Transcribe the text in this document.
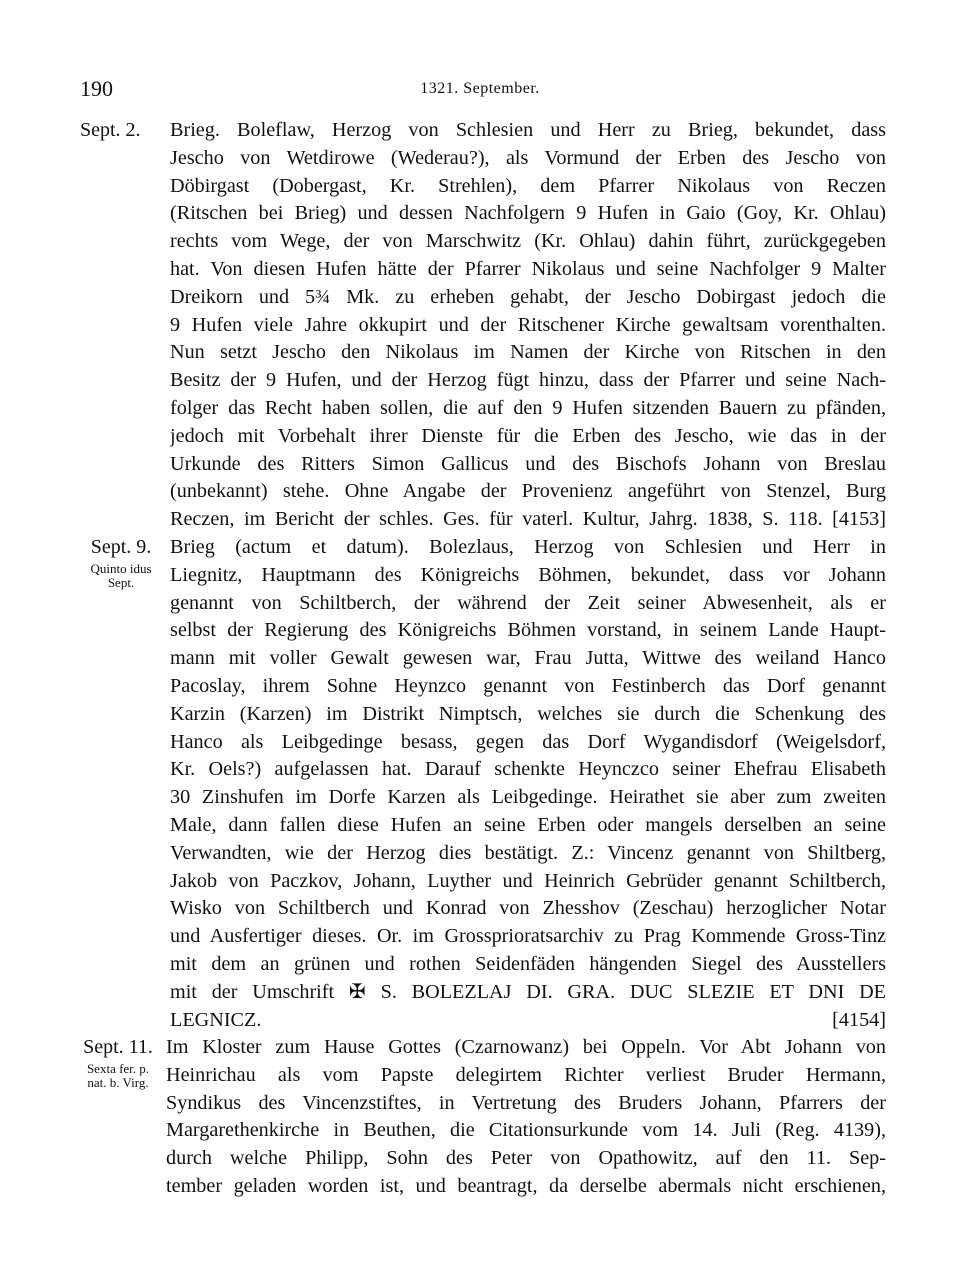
190	1321. September.
Sept. 2.	Brieg. Boleflaw, Herzog von Schlesien und Herr zu Brieg, bekundet, dass
Jescho von Wetdirowe (Wederau?), als Vormund der Erben des Jescho von
Döbirgast (Dobergast, Kr. Strehlen), dem Pfarrer Nikolaus von Reczen
(Ritschen bei Brieg) und dessen Nachfolgern 9 Hufen in Gaio (Goy, Kr. Ohlau)
rechts vom Wege, der von Marschwitz (Kr. Ohlau) dahin führt, zurückgegeben
hat. Von diesen Hufen hätte der Pfarrer Nikolaus und seine Nachfolger 9 Malter
Dreikorn und 5¾ Mk. zu erheben gehabt, der Jescho Dobirgast jedoch die
9 Hufen viele Jahre okkupirt und der Ritschener Kirche gewaltsam vorenthalten.
Nun setzt Jescho den Nikolaus im Namen der Kirche von Ritschen in den
Besitz der 9 Hufen, und der Herzog fügt hinzu, dass der Pfarrer und seine Nach-
folger das Recht haben sollen, die auf den 9 Hufen sitzenden Bauern zu pfänden,
jedoch mit Vorbehalt ihrer Dienste für die Erben des Jescho, wie das in der
Urkunde des Ritters Simon Gallicus und des Bischofs Johann von Breslau
(unbekannt) stehe. Ohne Angabe der Provenienz angeführt von Stenzel, Burg
Reczen, im Bericht der schles. Ges. für vaterl. Kultur, Jahrg. 1838, S. 118. [4153]
Sept. 9.
Quinto idus
Sept.
Brieg (actum et datum). Bolezlaus, Herzog von Schlesien und Herr in
Liegnitz, Hauptmann des Königreichs Böhmen, bekundet, dass vor Johann
genannt von Schiltberch, der während der Zeit seiner Abwesenheit, als er
selbst der Regierung des Königreichs Böhmen vorstand, in seinem Lande Haupt-
mann mit voller Gewalt gewesen war, Frau Jutta, Wittwe des weiland Hanco
Pacoslay, ihrem Sohne Heynzco genannt von Festinberch das Dorf genannt
Karzin (Karzen) im Distrikt Nimptsch, welches sie durch die Schenkung des
Hanco als Leibgedinge besass, gegen das Dorf Wygandisdorf (Weigelsdorf,
Kr. Oels?) aufgelassen hat. Darauf schenkte Heynczco seiner Ehefrau Elisabeth
30 Zinshufen im Dorfe Karzen als Leibgedinge. Heirathet sie aber zum zweiten
Male, dann fallen diese Hufen an seine Erben oder mangels derselben an seine
Verwandten, wie der Herzog dies bestätigt. Z.: Vincenz genannt von Shiltberg,
Jakob von Paczkov, Johann, Luyther und Heinrich Gebrüder genannt Schiltberch,
Wisko von Schiltberch und Konrad von Zhesshov (Zeschau) herzoglicher Notar
und Ausfertiger dieses. Or. im Grossprioratsarchiv zu Prag Kommende Gross-Tinz
mit dem an grünen und rothen Seidenfäden hängenden Siegel des Ausstellers
mit der Umschrift ✠ S. BOLEZLAJ DI. GRA. DUC SLEZIE ET DNI DE
LEGNICZ.	[4154]
Sept. 11.
Sexta fer. p.
nat. b. Virg.
Im Kloster zum Hause Gottes (Czarnowanz) bei Oppeln. Vor Abt Johann von
Heinrichau als vom Papste delegirtem Richter verliest Bruder Hermann,
Syndikus des Vincenzstiftes, in Vertretung des Bruders Johann, Pfarrers der
Margarethenkirche in Beuthen, die Citationsurkunde vom 14. Juli (Reg. 4139),
durch welche Philipp, Sohn des Peter von Opathowitz, auf den 11. Sep-
tember geladen worden ist, und beantragt, da derselbe abermals nicht erschienen,
